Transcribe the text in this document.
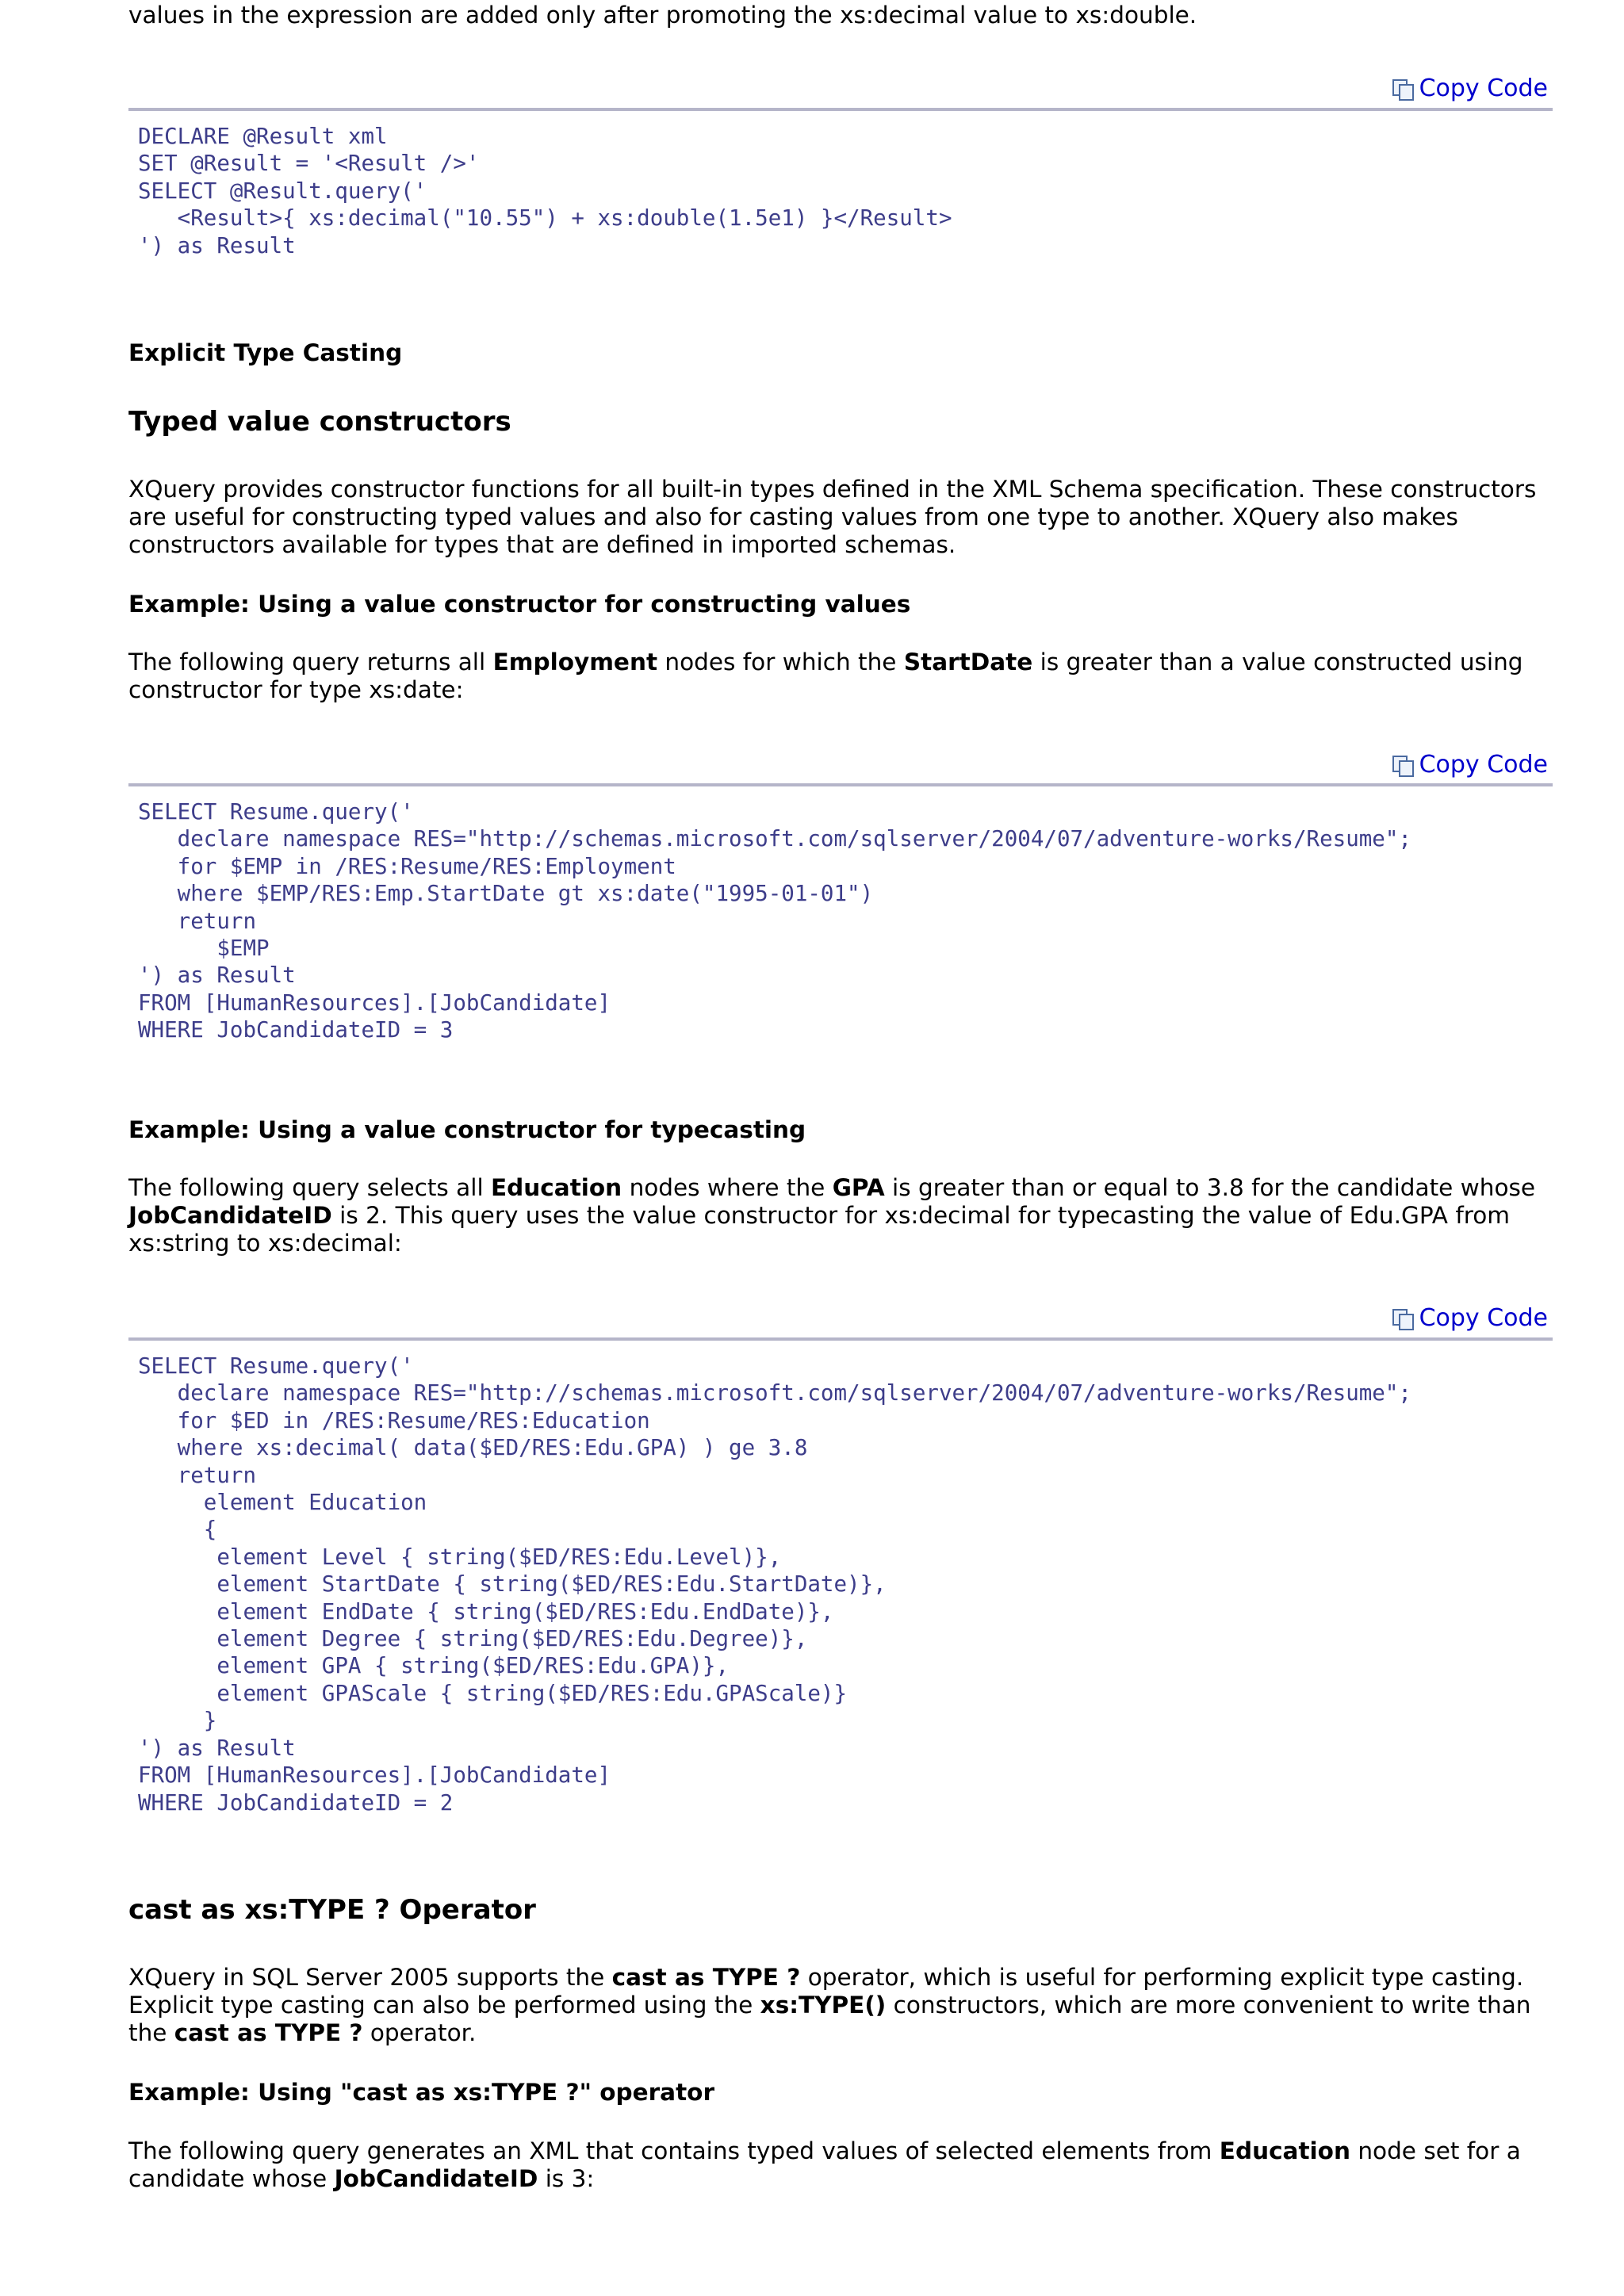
values in the expression are added only after promoting the xs:decimal value to xs:double.

Copy Code
DECLARE @Result xml
SET @Result = '<Result />'
SELECT @Result.query('
<Result>{ xs:decimal("10.55") + xs:double(1.5e1) }</Result>
') as Result

Explicit Type Casting

Typed value constructors

XQuery provides constructor functions for all built-in types defined in the XML Schema specification. These constructors

are useful for constructing typed values and also for casting values from one type to another. XQuery also makes

constructors available for types that are defined in imported schemas.

Example: Using a value constructor for constructing values

The following query returns all Employment nodes for which the StartDate is greater than a value constructed using

constructor for type xs:date:

Copy Code
SELECT Resume.query('
declare namespace RES="http://schemas.microsoft.com/sqlserver/2004/07/adventure-works/Resume";
for $EMP in /RES:Resume/RES:Employment
where $EMP/RES:Emp.StartDate gt xs:date("1995-01-01")
return
$EMP
') as Result
FROM [HumanResources].[JobCandidate]
WHERE JobCandidateID = 3

Example: Using a value constructor for typecasting

The following query selects all Education nodes where the GPA is greater than or equal to 3.8 for the candidate whose

JobCandidateID is 2. This query uses the value constructor for xs:decimal for typecasting the value of Edu.GPA from

xs:string to xs:decimal:

Copy Code
SELECT Resume.query('
declare namespace RES="http://schemas.microsoft.com/sqlserver/2004/07/adventure-works/Resume";
for $ED in /RES:Resume/RES:Education
where xs:decimal( data($ED/RES:Edu.GPA) ) ge 3.8
return
element Education
{
element Level { string($ED/RES:Edu.Level)},
element StartDate { string($ED/RES:Edu.StartDate)},
element EndDate { string($ED/RES:Edu.EndDate)},
element Degree { string($ED/RES:Edu.Degree)},
element GPA { string($ED/RES:Edu.GPA)},
element GPAScale { string($ED/RES:Edu.GPAScale)}
}
') as Result
FROM [HumanResources].[JobCandidate]
WHERE JobCandidateID = 2

cast as xs:TYPE ? Operator

XQuery in SQL Server 2005 supports the cast as TYPE ? operator, which is useful for performing explicit type casting.

Explicit type casting can also be performed using the xs:TYPE() constructors, which are more convenient to write than

the cast as TYPE ? operator.

Example: Using "cast as xs:TYPE ?" operator

The following query generates an XML that contains typed values of selected elements from Education node set for a

candidate whose JobCandidateID is 3:
